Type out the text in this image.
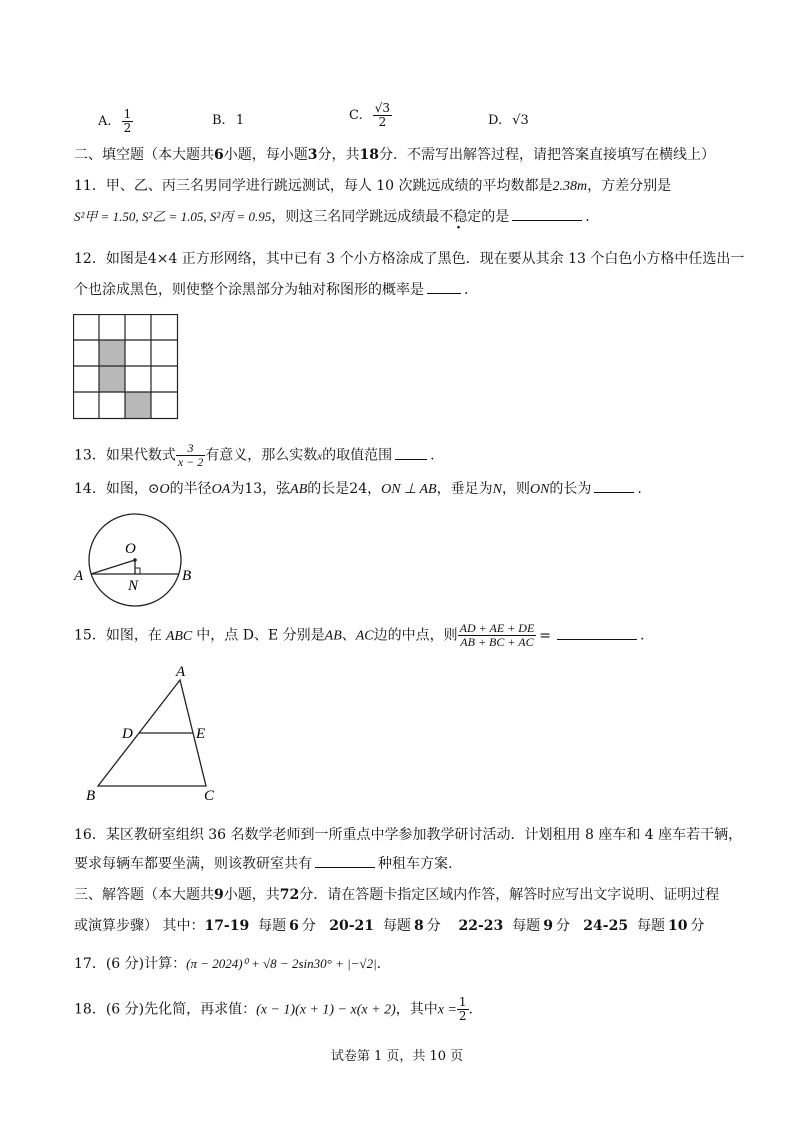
A. $\frac{1}{2}$	B. 1	C. $\frac{√3}{2}$	D. √3
二、填空题（本大题共6小题，每小题3分，共18分．不需写出解答过程，请把答案直接填写在横线上）
11．甲、乙、丙三名男同学进行跳远测试，每人 10 次跳远成绩的平均数都是2.38m，方差分别是
S²甲 = 1.50, S²乙 = 1.05, S²丙 = 0.95，则这三名同学跳远成绩最不稳定的是	.
12．如图是4×4 正方形网络，其中已有 3 个小方格涂成了黑色．现在要从其余 13 个白色小方格中任选出一
个也涂成黑色，则使整个涂黑部分为轴对称图形的概率是	.
13．如果代数式 $\frac{3}{x - 2}$ 有意义，那么实数x的取值范围	.
14．如图，⊙O的半径OA为13，弦AB的长是24，ON ⊥ AB，垂足为N，则ON的长为	.
O
A	B
N
15．如图，在 ABC 中，点 D、E 分别是AB、AC边的中点，则 $\frac{AD + AE + DE}{AB + BC + AC}$ =	.
A
D	E
B	C
16．某区教研室组织 36 名数学老师到一所重点中学参加教学研讨活动．计划租用 8 座车和 4 座车若干辆，
要求每辆车都要坐满，则该教研室共有	种租车方案.
三、解答题（本大题共9小题，共72分．请在答题卡指定区域内作答，解答时应写出文字说明、证明过程
或演算步骤） 其中：17-19 每题 6 分 20-21 每题 8 分 22-23 每题 9 分 24-25 每题 10 分
17．(6 分)计算：(π − 2024)⁰ + √8 − 2sin30° + |−√2|.
18．(6 分)先化简，再求值：(x − 1)(x + 1) − x(x + 2)，其中$x = \frac{1}{2}$ .
试卷第 1 页，共 10 页
